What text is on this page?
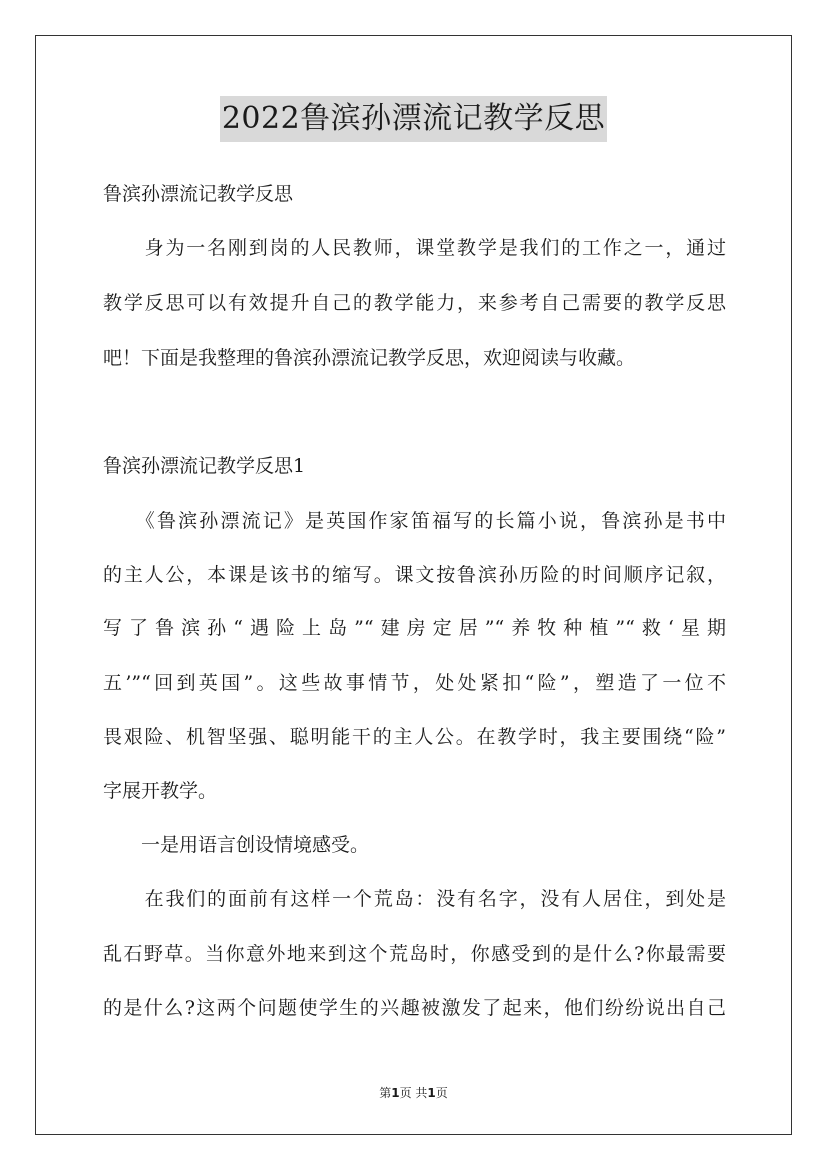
2022鲁滨孙漂流记教学反思
鲁滨孙漂流记教学反思
　　身为一名刚到岗的人民教师，课堂教学是我们的工作之一，通过
教学反思可以有效提升自己的教学能力，来参考自己需要的教学反思
吧！下面是我整理的鲁滨孙漂流记教学反思，欢迎阅读与收藏。
鲁滨孙漂流记教学反思1
　　《鲁滨孙漂流记》是英国作家笛福写的长篇小说，鲁滨孙是书中
的主人公，本课是该书的缩写。课文按鲁滨孙历险的时间顺序记叙，
写了鲁滨孙“遇险上岛”“建房定居”“养牧种植”“救‘星期
五’”“回到英国”。这些故事情节，处处紧扣“险”，塑造了一位不
畏艰险、机智坚强、聪明能干的主人公。在教学时，我主要围绕“险”
字展开教学。
　　一是用语言创设情境感受。
　　在我们的面前有这样一个荒岛：没有名字，没有人居住，到处是
乱石野草。当你意外地来到这个荒岛时，你感受到的是什么?你最需要
的是什么?这两个问题使学生的兴趣被激发了起来，他们纷纷说出自己
第1页 共1页
